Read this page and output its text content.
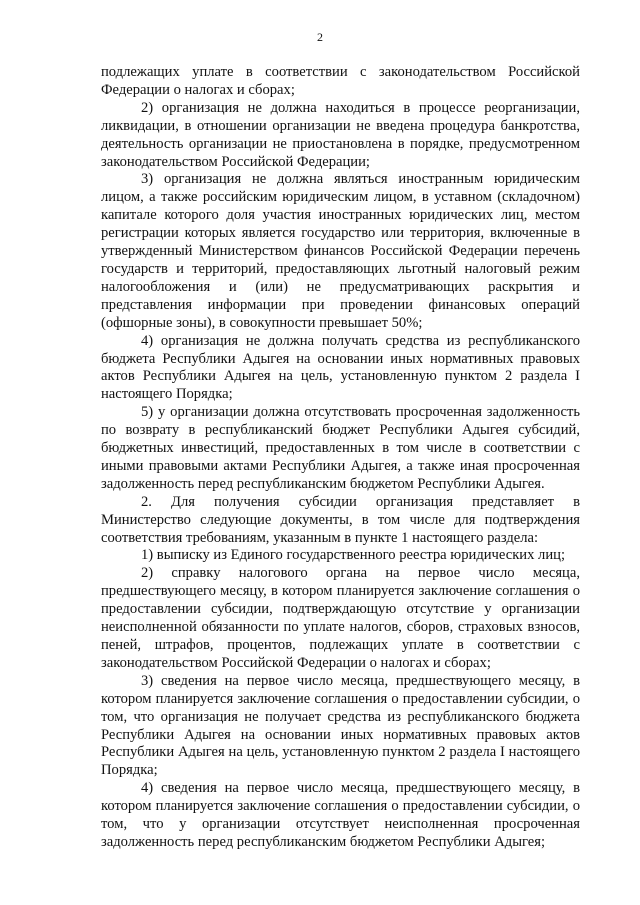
2

подлежащих уплате в соответствии с законодательством Российской Федерации о налогах и сборах;

2) организация не должна находиться в процессе реорганизации, ликвидации, в отношении организации не введена процедура банкротства, деятельность организации не приостановлена в порядке, предусмотренном законодательством Российской Федерации;

3) организация не должна являться иностранным юридическим лицом, а также российским юридическим лицом, в уставном (складочном) капитале которого доля участия иностранных юридических лиц, местом регистрации которых является государство или территория, включенные в утвержденный Министерством финансов Российской Федерации перечень государств и территорий, предоставляющих льготный налоговый режим налогообложения и (или) не предусматривающих раскрытия и представления информации при проведении финансовых операций (офшорные зоны), в совокупности превышает 50%;

4) организация не должна получать средства из республиканского бюджета Республики Адыгея на основании иных нормативных правовых актов Республики Адыгея на цель, установленную пунктом 2 раздела I настоящего Порядка;

5) у организации должна отсутствовать просроченная задолженность по возврату в республиканский бюджет Республики Адыгея субсидий, бюджетных инвестиций, предоставленных в том числе в соответствии с иными правовыми актами Республики Адыгея, а также иная просроченная задолженность перед республиканским бюджетом Республики Адыгея.

2. Для получения субсидии организация представляет в Министерство следующие документы, в том числе для подтверждения соответствия требованиям, указанным в пункте 1 настоящего раздела:

1) выписку из Единого государственного реестра юридических лиц;

2) справку налогового органа на первое число месяца, предшествующего месяцу, в котором планируется заключение соглашения о предоставлении субсидии, подтверждающую отсутствие у организации неисполненной обязанности по уплате налогов, сборов, страховых взносов, пеней, штрафов, процентов, подлежащих уплате в соответствии с законодательством Российской Федерации о налогах и сборах;

3) сведения на первое число месяца, предшествующего месяцу, в котором планируется заключение соглашения о предоставлении субсидии, о том, что организация не получает средства из республиканского бюджета Республики Адыгея на основании иных нормативных правовых актов Республики Адыгея на цель, установленную пунктом 2 раздела I настоящего Порядка;

4) сведения на первое число месяца, предшествующего месяцу, в котором планируется заключение соглашения о предоставлении субсидии, о том, что у организации отсутствует неисполненная просроченная задолженность перед республиканским бюджетом Республики Адыгея;
